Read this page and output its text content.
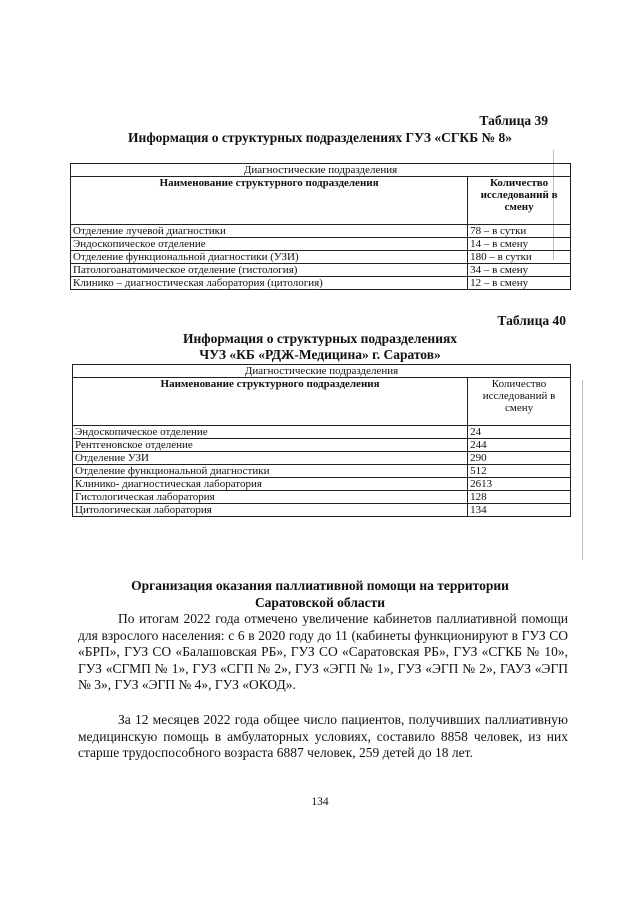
Таблица 39
Информация о структурных подразделениях ГУЗ «СГКБ № 8»
Диагностические подразделения	
Наименование структурного подразделения	Количество исследований в смену
Отделение лучевой диагностики	78 – в сутки
Эндоскопическое отделение	14 – в смену
Отделение функциональной диагностики (УЗИ)	180 – в сутки
Патологоанатомическое отделение (гистология)	34 – в смену
Клинико – диагностическая лаборатория (цитология)	12 – в смену
Таблица 40
Информация о структурных подразделениях
ЧУЗ «КБ «РДЖ-Медицина» г. Саратов»
Диагностические подразделения	
Наименование структурного подразделения	Количество исследований в смену
Эндоскопическое отделение	24
Рентгеновское отделение	244
Отделение УЗИ	290
Отделение функциональной диагностики	512
Клинико- диагностическая лаборатория	2613
Гистологическая лаборатория	128
Цитологическая лаборатория	134
Организация оказания паллиативной помощи на территории
Саратовской области
По итогам 2022 года отмечено увеличение кабинетов паллиативной помощи для взрослого населения: с 6 в 2020 году до 11 (кабинеты функционируют в ГУЗ СО «БРП», ГУЗ СО «Балашовская РБ», ГУЗ СО «Саратовская РБ», ГУЗ «СГКБ № 10», ГУЗ «СГМП № 1», ГУЗ «СГП № 2», ГУЗ «ЭГП № 1», ГУЗ «ЭГП № 2», ГАУЗ «ЭГП № 3», ГУЗ «ЭГП № 4», ГУЗ «ОКОД».
За 12 месяцев 2022 года общее число пациентов, получивших паллиативную медицинскую помощь в амбулаторных условиях, составило 8858 человек, из них старше трудоспособного возраста 6887 человек, 259 детей до 18 лет.
134
